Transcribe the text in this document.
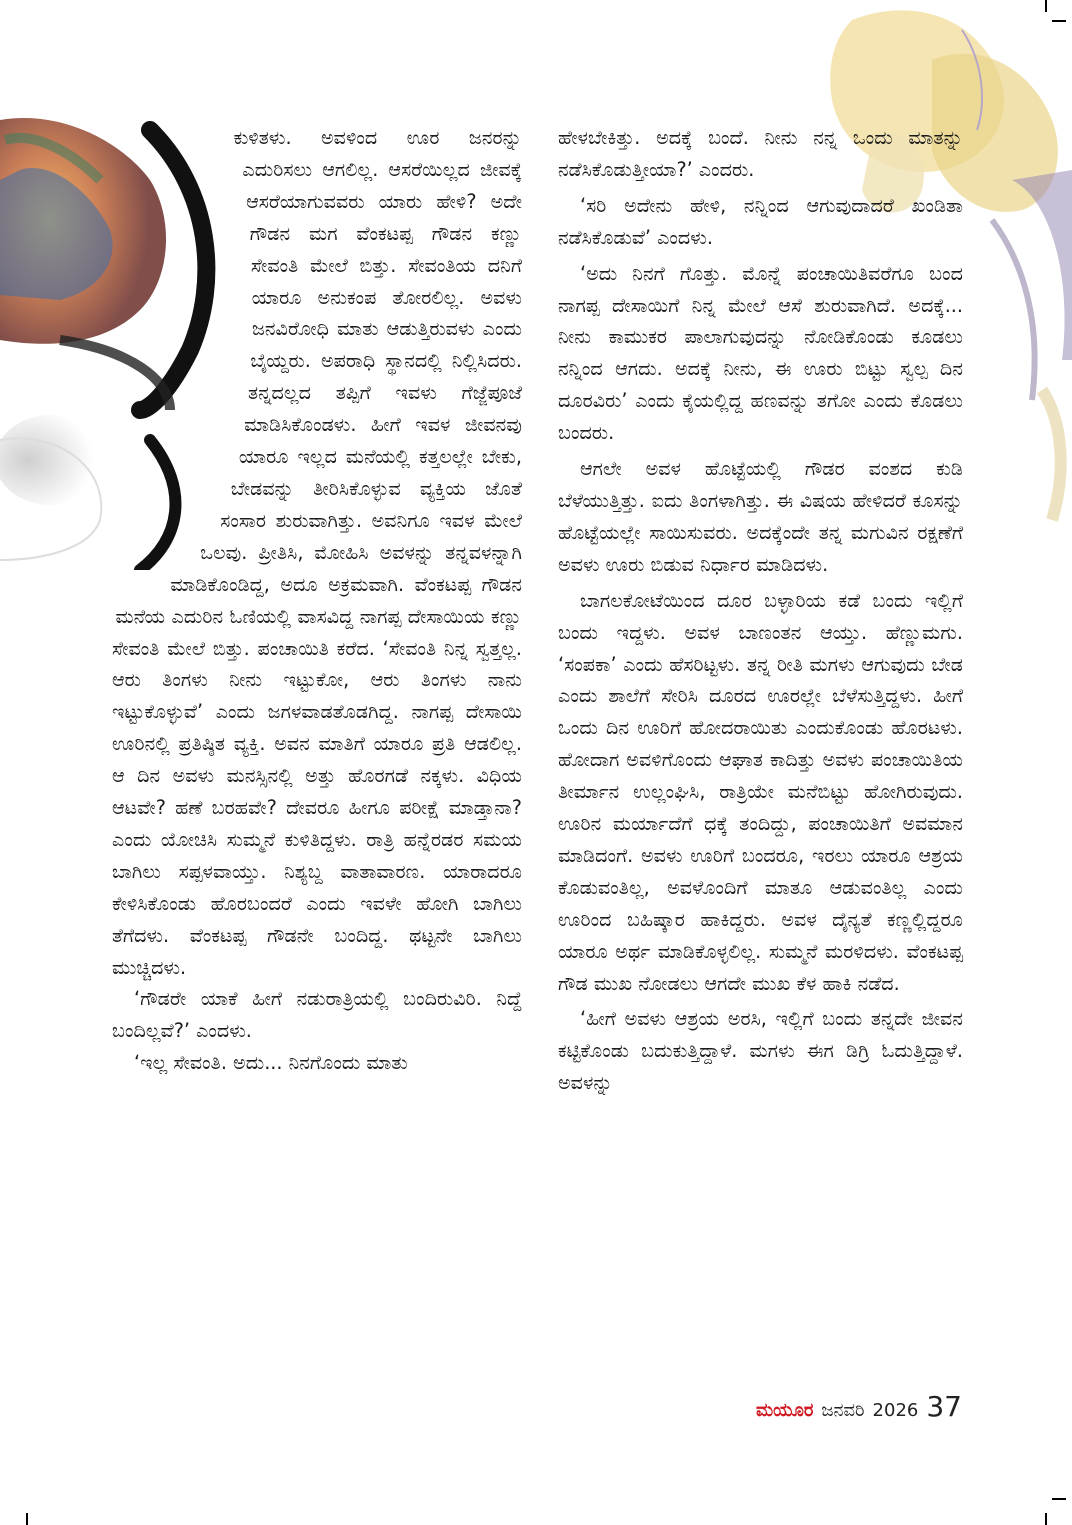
ಕುಳಿತಳು. ಅವಳಿಂದ ಊರ ಜನರನ್ನು ಎದುರಿಸಲು ಆಗಲಿಲ್ಲ. ಆಸರೆಯಿಲ್ಲದ ಜೀವಕ್ಕೆ ಆಸರೆಯಾಗುವವರು ಯಾರು ಹೇಳಿ? ಅದೇ ಗೌಡನ ಮಗ ವೆಂಕಟಪ್ಪ ಗೌಡನ ಕಣ್ಣು ಸೇವಂತಿ ಮೇಲೆ ಬಿತ್ತು. ಸೇವಂತಿಯ ದನಿಗೆ ಯಾರೂ ಅನುಕಂಪ ತೋರಲಿಲ್ಲ. ಅವಳು ಜನವಿರೋಧಿ ಮಾತು ಆಡುತ್ತಿರುವಳು ಎಂದು ಬೈಯ್ದರು. ಅಪರಾಧಿ ಸ್ಥಾನದಲ್ಲಿ ನಿಲ್ಲಿಸಿದರು. ತನ್ನದಲ್ಲದ ತಪ್ಪಿಗೆ ಇವಳು ಗೆಜ್ಜೆಪೂಜೆ ಮಾಡಿಸಿಕೊಂಡಳು. ಹೀಗೆ ಇವಳ ಜೀವನವು ಯಾರೂ ಇಲ್ಲದ ಮನೆಯಲ್ಲಿ ಕತ್ತಲಲ್ಲೇ ಬೇಕು, ಬೇಡವನ್ನು ತೀರಿಸಿಕೊಳ್ಳುವ ವ್ಯಕ್ತಿಯ ಜೊತೆ ಸಂಸಾರ ಶುರುವಾಗಿತ್ತು. ಅವನಿಗೂ ಇವಳ ಮೇಲೆ ಒಲವು. ಪ್ರೀತಿಸಿ, ಮೋಹಿಸಿ ಅವಳನ್ನು ತನ್ನವಳನ್ನಾಗಿ ಮಾಡಿಕೊಂಡಿದ್ದ, ಅದೂ ಅಕ್ರಮವಾಗಿ. ವೆಂಕಟಪ್ಪ ಗೌಡನ ಮನೆಯ ಎದುರಿನ ಓಣಿಯಲ್ಲಿ ವಾಸವಿದ್ದ ನಾಗಪ್ಪ ದೇಸಾಯಿಯ ಕಣ್ಣು ಸೇವಂತಿ ಮೇಲೆ ಬಿತ್ತು. ಪಂಚಾಯಿತಿ ಕರೆದ. ‘ಸೇವಂತಿ ನಿನ್ನ ಸ್ವತ್ತಲ್ಲ. ಆರು ತಿಂಗಳು ನೀನು ಇಟ್ಟುಕೋ, ಆರು ತಿಂಗಳು ನಾನು ಇಟ್ಟುಕೊಳ್ಳುವೆ’ ಎಂದು ಜಗಳವಾಡತೊಡಗಿದ್ದ. ನಾಗಪ್ಪ ದೇಸಾಯಿ ಊರಿನಲ್ಲಿ ಪ್ರತಿಷ್ಠಿತ ವ್ಯಕ್ತಿ. ಅವನ ಮಾತಿಗೆ ಯಾರೂ ಪ್ರತಿ ಆಡಲಿಲ್ಲ. ಆ ದಿನ ಅವಳು ಮನಸ್ಸಿನಲ್ಲಿ ಅತ್ತು ಹೊರಗಡೆ ನಕ್ಕಳು. ವಿಧಿಯ ಆಟವೇ? ಹಣೆ ಬರಹವೇ? ದೇವರೂ ಹೀಗೂ ಪರೀಕ್ಷೆ ಮಾಡ್ತಾನಾ? ಎಂದು ಯೋಚಿಸಿ ಸುಮ್ಮನೆ ಕುಳಿತಿದ್ದಳು. ರಾತ್ರಿ ಹನ್ನೆರಡರ ಸಮಯ ಬಾಗಿಲು ಸಪ್ಪಳವಾಯ್ತು. ನಿಶ್ಯಬ್ದ ವಾತಾವಾರಣ. ಯಾರಾದರೂ ಕೇಳಿಸಿಕೊಂಡು ಹೊರಬಂದರೆ ಎಂದು ಇವಳೇ ಹೋಗಿ ಬಾಗಿಲು ತೆಗೆದಳು. ವೆಂಕಟಪ್ಪ ಗೌಡನೇ ಬಂದಿದ್ದ. ಥಟ್ಟನೇ ಬಾಗಿಲು ಮುಚ್ಚಿದಳು.

‘ಗೌಡರೇ ಯಾಕೆ ಹೀಗೆ ನಡುರಾತ್ರಿಯಲ್ಲಿ ಬಂದಿರುವಿರಿ. ನಿದ್ದೆ ಬಂದಿಲ್ಲವೆ?’ ಎಂದಳು.

‘ಇಲ್ಲ ಸೇವಂತಿ. ಅದು... ನಿನಗೊಂದು ಮಾತು

ಹೇಳಬೇಕಿತ್ತು. ಅದಕ್ಕೆ ಬಂದೆ. ನೀನು ನನ್ನ ಒಂದು ಮಾತನ್ನು ನಡೆಸಿಕೊಡುತ್ತೀಯಾ?’ ಎಂದರು.

‘ಸರಿ ಅದೇನು ಹೇಳಿ, ನನ್ನಿಂದ ಆಗುವುದಾದರೆ ಖಂಡಿತಾ ನಡೆಸಿಕೊಡುವೆ’ ಎಂದಳು.

‘ಅದು ನಿನಗೆ ಗೊತ್ತು. ಮೊನ್ನೆ ಪಂಚಾಯಿತಿವರೆಗೂ ಬಂದ ನಾಗಪ್ಪ ದೇಸಾಯಿಗೆ ನಿನ್ನ ಮೇಲೆ ಆಸೆ ಶುರುವಾಗಿದೆ. ಅದಕ್ಕೆ... ನೀನು ಕಾಮುಕರ ಪಾಲಾಗುವುದನ್ನು ನೋಡಿಕೊಂಡು ಕೂಡಲು ನನ್ನಿಂದ ಆಗದು. ಅದಕ್ಕೆ ನೀನು, ಈ ಊರು ಬಿಟ್ಟು ಸ್ವಲ್ಪ ದಿನ ದೂರವಿರು’ ಎಂದು ಕೈಯಲ್ಲಿದ್ದ ಹಣವನ್ನು ತಗೋ ಎಂದು ಕೊಡಲು ಬಂದರು.

ಆಗಲೇ ಅವಳ ಹೊಟ್ಟೆಯಲ್ಲಿ ಗೌಡರ ವಂಶದ ಕುಡಿ ಬೆಳೆಯುತ್ತಿತ್ತು. ಐದು ತಿಂಗಳಾಗಿತ್ತು. ಈ ವಿಷಯ ಹೇಳಿದರೆ ಕೂಸನ್ನು ಹೊಟ್ಟೆಯಲ್ಲೇ ಸಾಯಿಸುವರು. ಅದಕ್ಕೆಂದೇ ತನ್ನ ಮಗುವಿನ ರಕ್ಷಣೆಗೆ ಅವಳು ಊರು ಬಿಡುವ ನಿರ್ಧಾರ ಮಾಡಿದಳು.

ಬಾಗಲಕೋಟೆಯಿಂದ ದೂರ ಬಳ್ಳಾರಿಯ ಕಡೆ ಬಂದು ಇಲ್ಲಿಗೆ ಬಂದು ಇದ್ದಳು. ಅವಳ ಬಾಣಂತನ ಆಯ್ತು. ಹೆಣ್ಣುಮಗು. ‘ಸಂಪಕಾ’ ಎಂದು ಹೆಸರಿಟ್ಟಳು. ತನ್ನ ರೀತಿ ಮಗಳು ಆಗುವುದು ಬೇಡ ಎಂದು ಶಾಲೆಗೆ ಸೇರಿಸಿ ದೂರದ ಊರಲ್ಲೇ ಬೆಳೆಸುತ್ತಿದ್ದಳು. ಹೀಗೆ ಒಂದು ದಿನ ಊರಿಗೆ ಹೋದರಾಯಿತು ಎಂದುಕೊಂಡು ಹೊರಟಳು. ಹೋದಾಗ ಅವಳಿಗೊಂದು ಆಘಾತ ಕಾದಿತ್ತು ಅವಳು ಪಂಚಾಯಿತಿಯ ತೀರ್ಮಾನ ಉಲ್ಲಂಘಿಸಿ, ರಾತ್ರಿಯೇ ಮನೆಬಿಟ್ಟು ಹೋಗಿರುವುದು. ಊರಿನ ಮರ್ಯಾದೆಗೆ ಧಕ್ಕೆ ತಂದಿದ್ದು, ಪಂಚಾಯಿತಿಗೆ ಅವಮಾನ ಮಾಡಿದಂಗೆ. ಅವಳು ಊರಿಗೆ ಬಂದರೂ, ಇರಲು ಯಾರೂ ಆಶ್ರಯ ಕೊಡುವಂತಿಲ್ಲ, ಅವಳೊಂದಿಗೆ ಮಾತೂ ಆಡುವಂತಿಲ್ಲ ಎಂದು ಊರಿಂದ ಬಹಿಷ್ಕಾರ ಹಾಕಿದ್ದರು. ಅವಳ ದೈನ್ಯತೆ ಕಣ್ಣಲ್ಲಿದ್ದರೂ ಯಾರೂ ಅರ್ಥ ಮಾಡಿಕೊಳ್ಳಲಿಲ್ಲ. ಸುಮ್ಮನೆ ಮರಳಿದಳು. ವೆಂಕಟಪ್ಪ ಗೌಡ ಮುಖ ನೋಡಲು ಆಗದೇ ಮುಖ ಕೆಳ ಹಾಕಿ ನಡೆದ.

‘ಹೀಗೆ ಅವಳು ಆಶ್ರಯ ಅರಸಿ, ಇಲ್ಲಿಗೆ ಬಂದು ತನ್ನದೇ ಜೀವನ ಕಟ್ಟಿಕೊಂಡು ಬದುಕುತ್ತಿದ್ದಾಳೆ. ಮಗಳು ಈಗ ಡಿಗ್ರಿ ಓದುತ್ತಿದ್ದಾಳೆ. ಅವಳನ್ನು

ಮಯೂರ ಜನವರಿ 2026 37
